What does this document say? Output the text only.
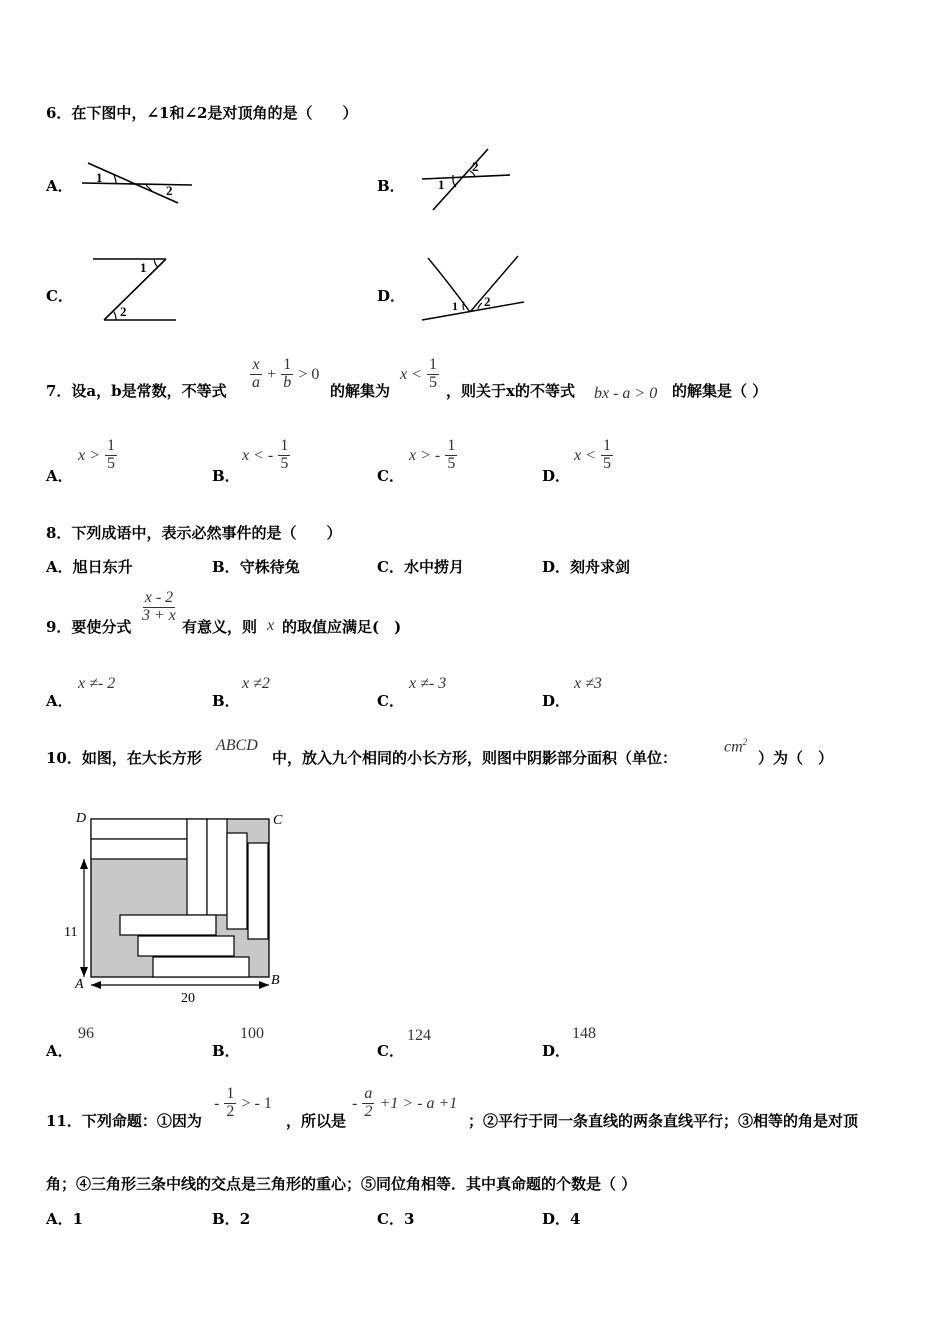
6．在下图中，∠1和∠2是对顶角的是（　　）
A． 1
2	B．	1
2
C．
1
2
D．
1 2
7．设a，b是常数，不等式 $\frac{x}{a} + \frac{1}{b} > 0$
的解集为
$x < \frac{1}{5}$ ，则关于x的不等式 bx - a > 0 的解集是（ ）
A．
$x > \frac{1}{5}$
B．
x < - $\frac{1}{5}$
C．
x > - $\frac{1}{5}$
D．
$x < \frac{1}{5}$
8．下列成语中，表示必然事件的是（　　）
A．旭日东升	B．守株待兔	C．水中捞月	D．刻舟求剑
9．要使分式
$\frac{x - 2}{3 + x}$
有意义，则 x 的取值应满足(　)
A．
x ≠- 2
B．
x ≠2
C．
x ≠- 3
D．
x ≠3
10．如图，在大长方形
ABCD
中，放入九个相同的小长方形，则图中阴影部分面积（单位：
$cm^2$
）为（　）
D	C
A	B
11
20
A．
96
B．
100
C．
124
D．
148
11．下列命题：①因为
- $\frac{1}{2}$ > - 1
，所以是
- $\frac{a}{2} +1$ > - a +1
；②平行于同一条直线的两条直线平行；③相等的角是对顶
角；④三角形三条中线的交点是三角形的重心；⑤同位角相等．其中真命题的个数是（ ）
A．1	B．2	C．3	D．4
